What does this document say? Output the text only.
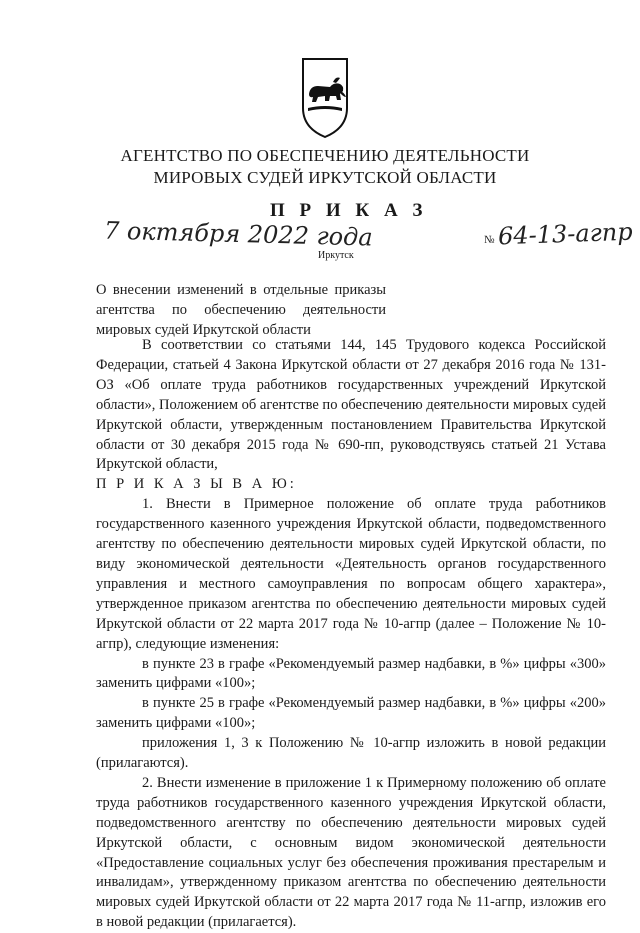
АГЕНТСТВО ПО ОБЕСПЕЧЕНИЮ ДЕЯТЕЛЬНОСТИ
МИРОВЫХ СУДЕЙ ИРКУТСКОЙ ОБЛАСТИ
П Р И К А З
7 октября 2022 года
Иркутск
№ 64-13-агпр
О внесении изменений в отдельные приказы
агентства по обеспечению деятельности
мировых судей Иркутской области

В соответствии со статьями 144, 145 Трудового кодекса Российской Федерации, статьей 4 Закона Иркутской области от 27 декабря 2016 года № 131-ОЗ «Об оплате труда работников государственных учреждений Иркутской области», Положением об агентстве по обеспечению деятельности мировых судей Иркутской области, утвержденным постановлением Правительства Иркутской области от 30 декабря 2015 года № 690-пп, руководствуясь статьей 21 Устава Иркутской области,

П Р И К А З Ы В А Ю:

1. Внести в Примерное положение об оплате труда работников государственного казенного учреждения Иркутской области, подведомственного агентству по обеспечению деятельности мировых судей Иркутской области, по виду экономической деятельности «Деятельность органов государственного управления и местного самоуправления по вопросам общего характера», утвержденное приказом агентства по обеспечению деятельности мировых судей Иркутской области от 22 марта 2017 года № 10-агпр (далее – Положение № 10-агпр), следующие изменения:

в пункте 23 в графе «Рекомендуемый размер надбавки, в %» цифры «300» заменить цифрами «100»;

в пункте 25 в графе «Рекомендуемый размер надбавки, в %» цифры «200» заменить цифрами «100»;

приложения 1, 3 к Положению № 10-агпр изложить в новой редакции (прилагаются).

2. Внести изменение в приложение 1 к Примерному положению об оплате труда работников государственного казенного учреждения Иркутской области, подведомственного агентству по обеспечению деятельности мировых судей Иркутской области, с основным видом экономической деятельности «Предоставление социальных услуг без обеспечения проживания престарелым и инвалидам», утвержденному приказом агентства по обеспечению деятельности мировых судей Иркутской области от 22 марта 2017 года № 11-агпр, изложив его в новой редакции (прилагается).
